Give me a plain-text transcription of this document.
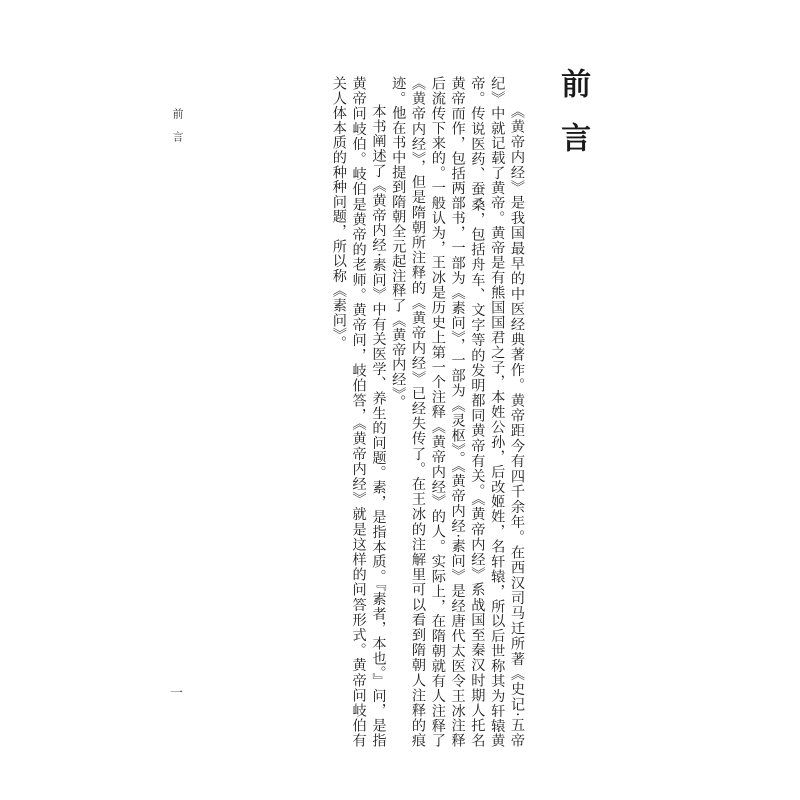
前言

《黄帝内经》是我国最早的中医经典著作。黄帝距今有四千余年。在西汉司马迁所著《史记·五帝纪》中就记载了黄帝。黄帝是有熊国国君之子，本姓公孙，后改姬姓，名轩辕，所以后世称其为轩辕黄帝。传说医药、蚕桑，包括舟车、文字等的发明都同黄帝有关。《黄帝内经》系战国至秦汉时期人托名黄帝而作，包括两部书，一部为《素问》，一部为《灵枢》。《黄帝内经·素问》是经唐代太医令王冰注释后流传下来的。一般认为，王冰是历史上第一个注释《黄帝内经》的人。实际上，在隋朝就有人注释了《黄帝内经》，但是隋朝所注释的《黄帝内经》已经失传了。在王冰的注解里可以看到隋朝人注释的痕迹。他在书中提到隋朝全元起注释了《黄帝内经》。

本书阐述了《黄帝内经·素问》中有关医学、养生的问题。素，是指本质。『素者，本也。』问，是指黄帝问岐伯。岐伯是黄帝的老师。黄帝问，岐伯答，《黄帝内经》就是这样的问答形式。黄帝问岐伯有关人体本质的种种问题，所以称《素问》。

前言
一
